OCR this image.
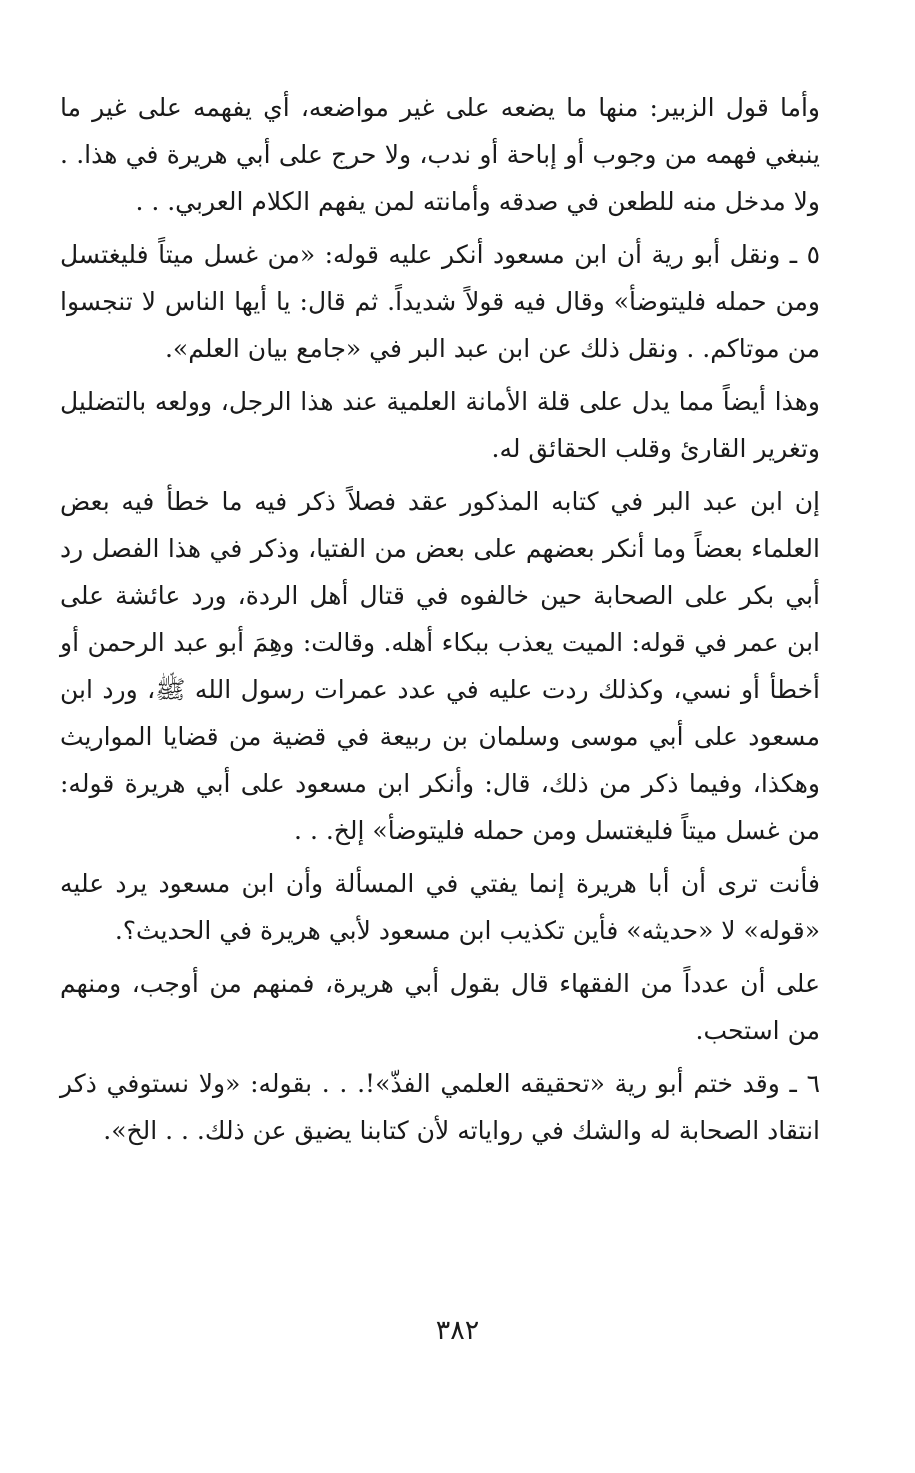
وأما قول الزبير: منها ما يضعه على غير مواضعه، أي يفهمه على غير ما ينبغي فهمه من وجوب أو إباحة أو ندب، ولا حرج على أبي هريرة في هذا. . ولا مدخل منه للطعن في صدقه وأمانته لمن يفهم الكلام العربي. . .

٥ ـ ونقل أبو رية أن ابن مسعود أنكر عليه قوله: «من غسل ميتاً فليغتسل ومن حمله فليتوضأ» وقال فيه قولاً شديداً. ثم قال: يا أيها الناس لا تنجسوا من موتاكم. . ونقل ذلك عن ابن عبد البر في «جامع بيان العلم».

وهذا أيضاً مما يدل على قلة الأمانة العلمية عند هذا الرجل، وولعه بالتضليل وتغرير القارئ وقلب الحقائق له.

إن ابن عبد البر في كتابه المذكور عقد فصلاً ذكر فيه ما خطأ فيه بعض العلماء بعضاً وما أنكر بعضهم على بعض من الفتيا، وذكر في هذا الفصل رد أبي بكر على الصحابة حين خالفوه في قتال أهل الردة، ورد عائشة على ابن عمر في قوله: الميت يعذب ببكاء أهله. وقالت: وهِمَ أبو عبد الرحمن أو أخطأ أو نسي، وكذلك ردت عليه في عدد عمرات رسول الله ﷺ، ورد ابن مسعود على أبي موسى وسلمان بن ربيعة في قضية من قضايا المواريث وهكذا، وفيما ذكر من ذلك، قال: وأنكر ابن مسعود على أبي هريرة قوله: من غسل ميتاً فليغتسل ومن حمله فليتوضأ» إلخ. . .

فأنت ترى أن أبا هريرة إنما يفتي في المسألة وأن ابن مسعود يرد عليه «قوله» لا «حديثه» فأين تكذيب ابن مسعود لأبي هريرة في الحديث؟.

على أن عدداً من الفقهاء قال بقول أبي هريرة، فمنهم من أوجب، ومنهم من استحب.

٦ ـ وقد ختم أبو رية «تحقيقه العلمي الفذّ»!. . . بقوله: «ولا نستوفي ذكر انتقاد الصحابة له والشك في رواياته لأن كتابنا يضيق عن ذلك. . . الخ».

٣٨٢
